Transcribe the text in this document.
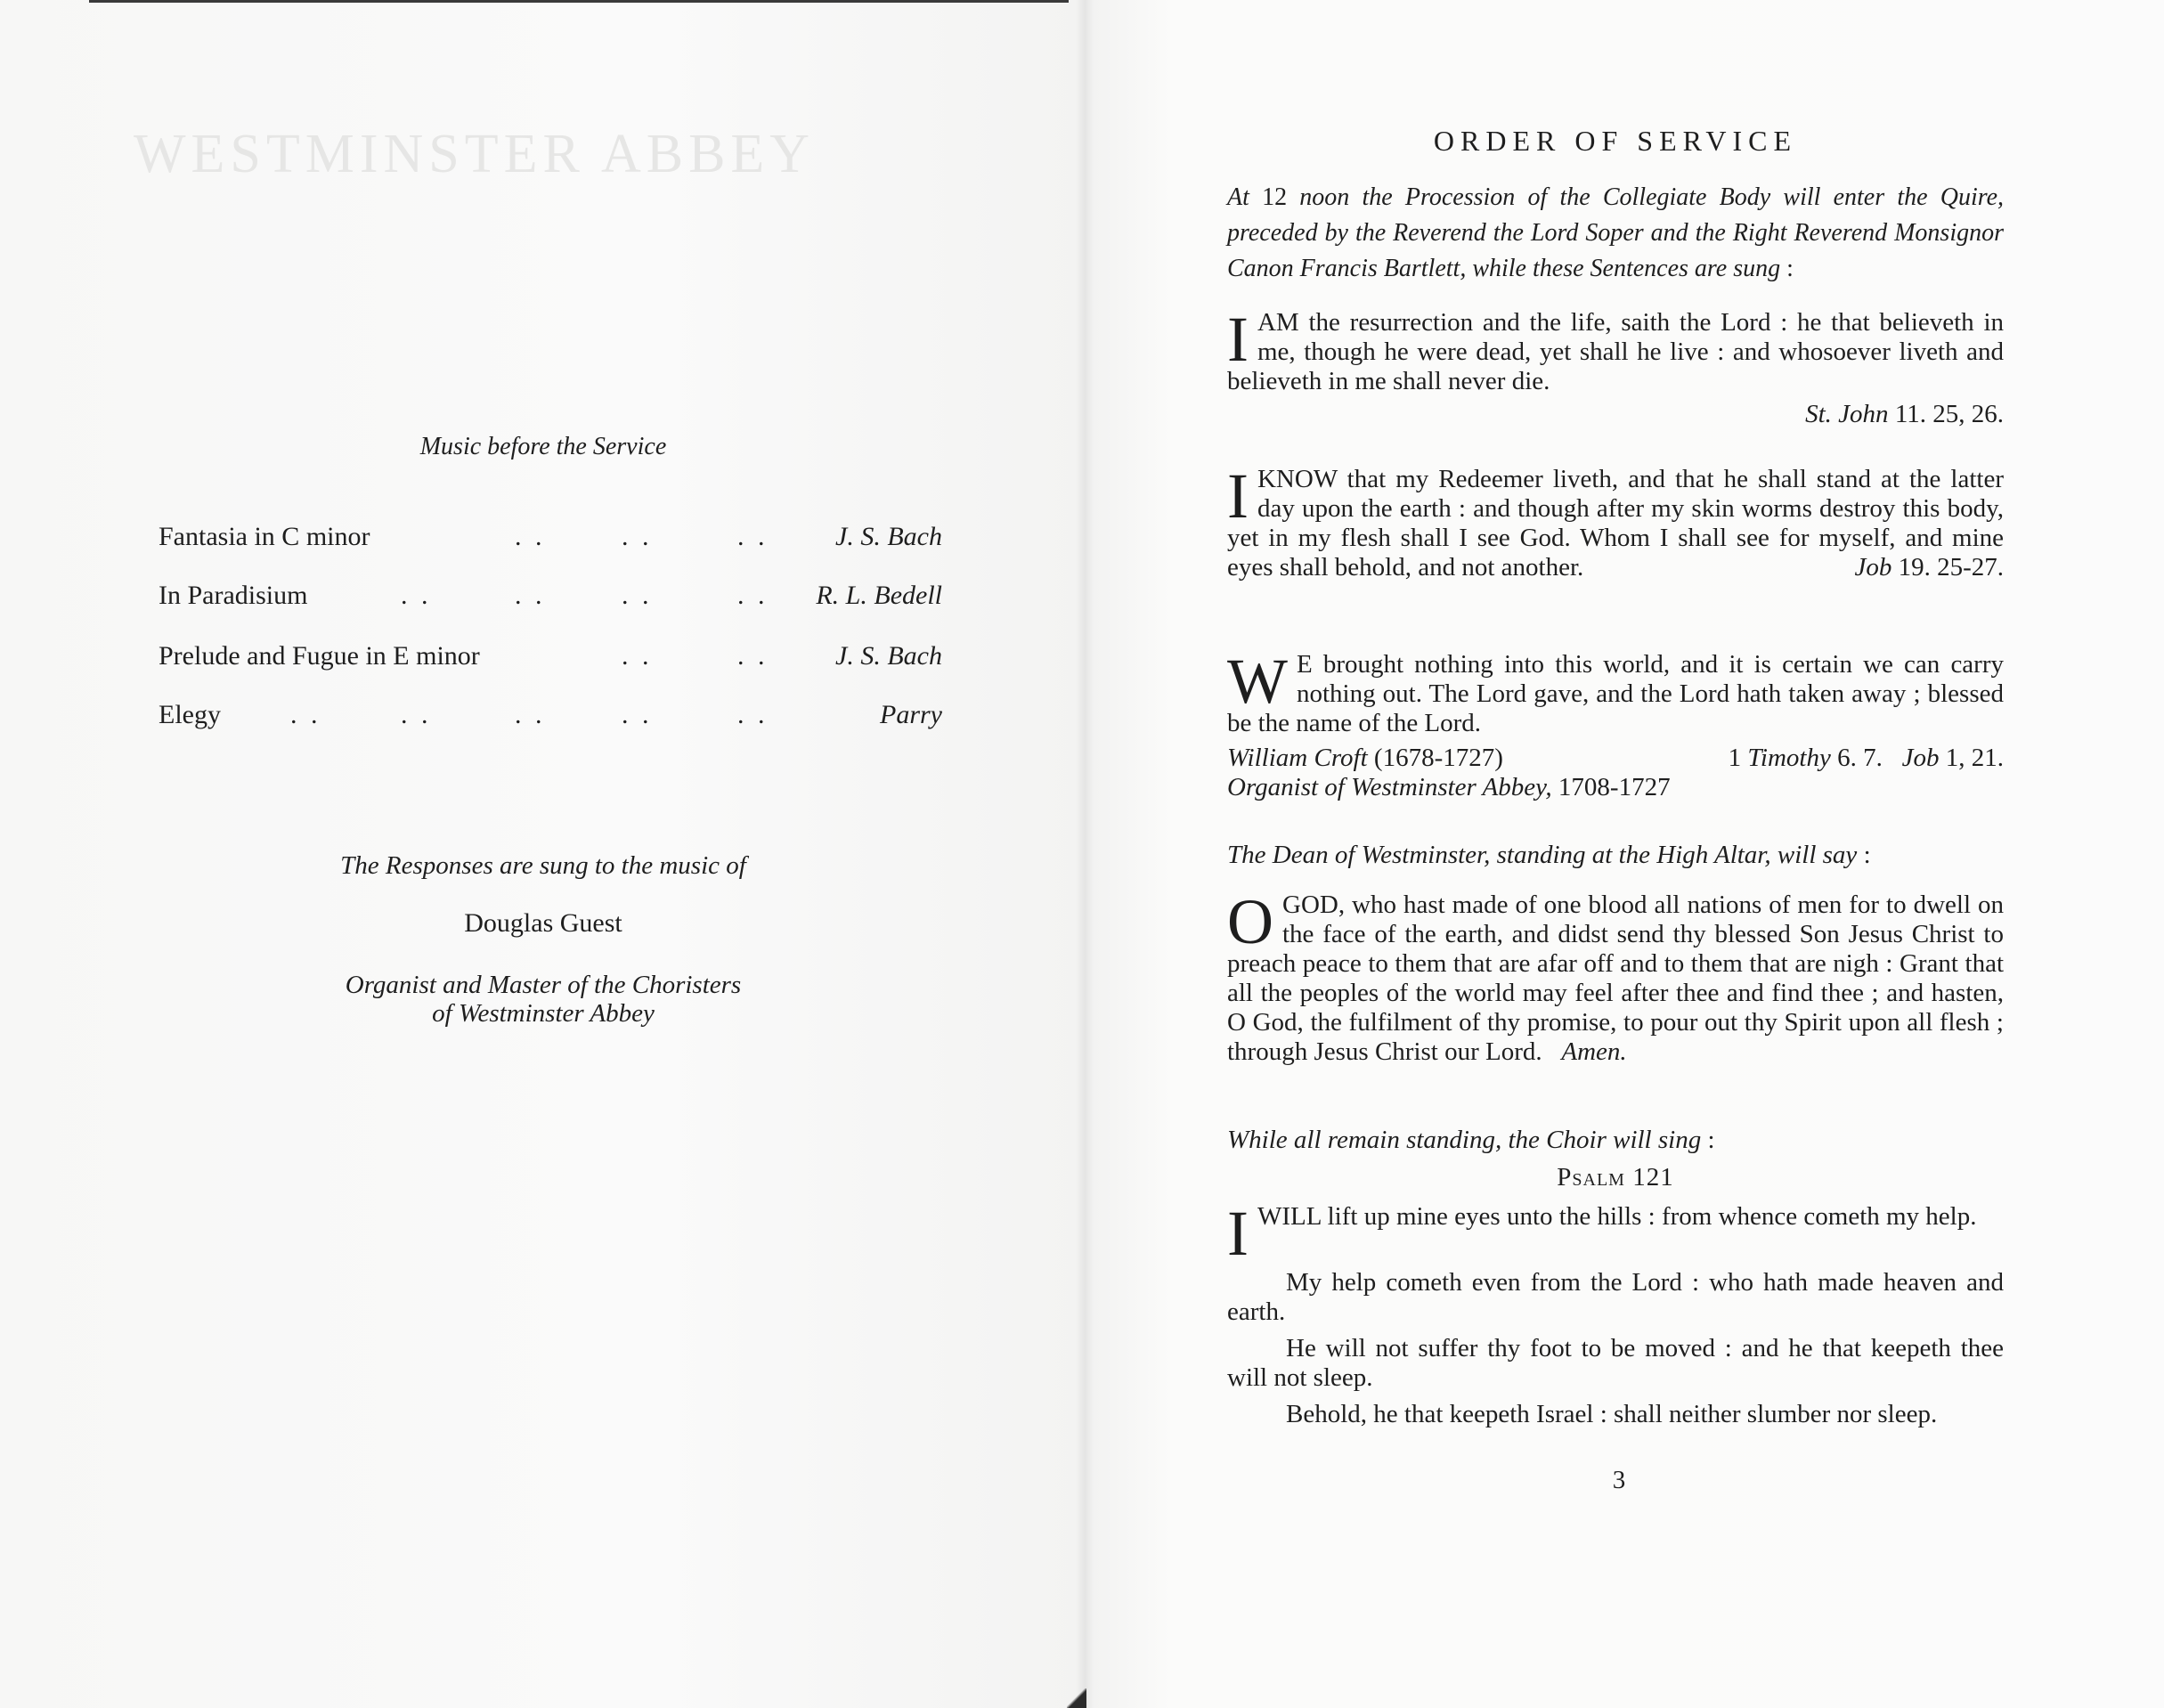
WESTMINSTER ABBEY
Music before the Service
Fantasia in C minor	. .	. .	. .	J. S. Bach
In Paradisium	. .	. .	. .	. . R. L. Bedell
Prelude and Fugue in E minor	. .	. .	J. S. Bach
Elegy	. .	. .	. .	. .	. .	Parry
The Responses are sung to the music of
Douglas Guest
Organist and Master of the Choristers
of Westminster Abbey
ORDER OF SERVICE
At 12 noon the Procession of the Collegiate Body will enter the Quire, preceded by the Reverend the Lord Soper and the Right Reverend Monsignor Canon Francis Bartlett, while these Sentences are sung :
I AM the resurrection and the life, saith the Lord : he that believeth in me, though he were dead, yet shall he live : and whosoever liveth and believeth in me shall never die.
St. John 11. 25, 26.
I KNOW that my Redeemer liveth, and that he shall stand at the latter day upon the earth : and though after my skin worms destroy this body, yet in my flesh shall I see God. Whom I shall see for myself, and mine eyes shall behold, and not another.	Job 19. 25-27.
W E brought nothing into this world, and it is certain we can carry nothing out. The Lord gave, and the Lord hath taken away ; blessed be the name of the Lord.
William Croft (1678-1727)	1 Timothy 6. 7. Job 1, 21.
Organist of Westminster Abbey, 1708-1727
The Dean of Westminster, standing at the High Altar, will say :
O GOD, who hast made of one blood all nations of men for to dwell on the face of the earth, and didst send thy blessed Son Jesus Christ to preach peace to them that are afar off and to them that are nigh : Grant that all the peoples of the world may feel after thee and find thee ; and hasten, O God, the fulfilment of thy promise, to pour out thy Spirit upon all flesh ; through Jesus Christ our Lord. Amen.
While all remain standing, the Choir will sing :
Psalm 121
I WILL lift up mine eyes unto the hills : from whence cometh my help.
My help cometh even from the Lord : who hath made heaven and earth.
He will not suffer thy foot to be moved : and he that keepeth thee will not sleep.
Behold, he that keepeth Israel : shall neither slumber nor sleep.
3
